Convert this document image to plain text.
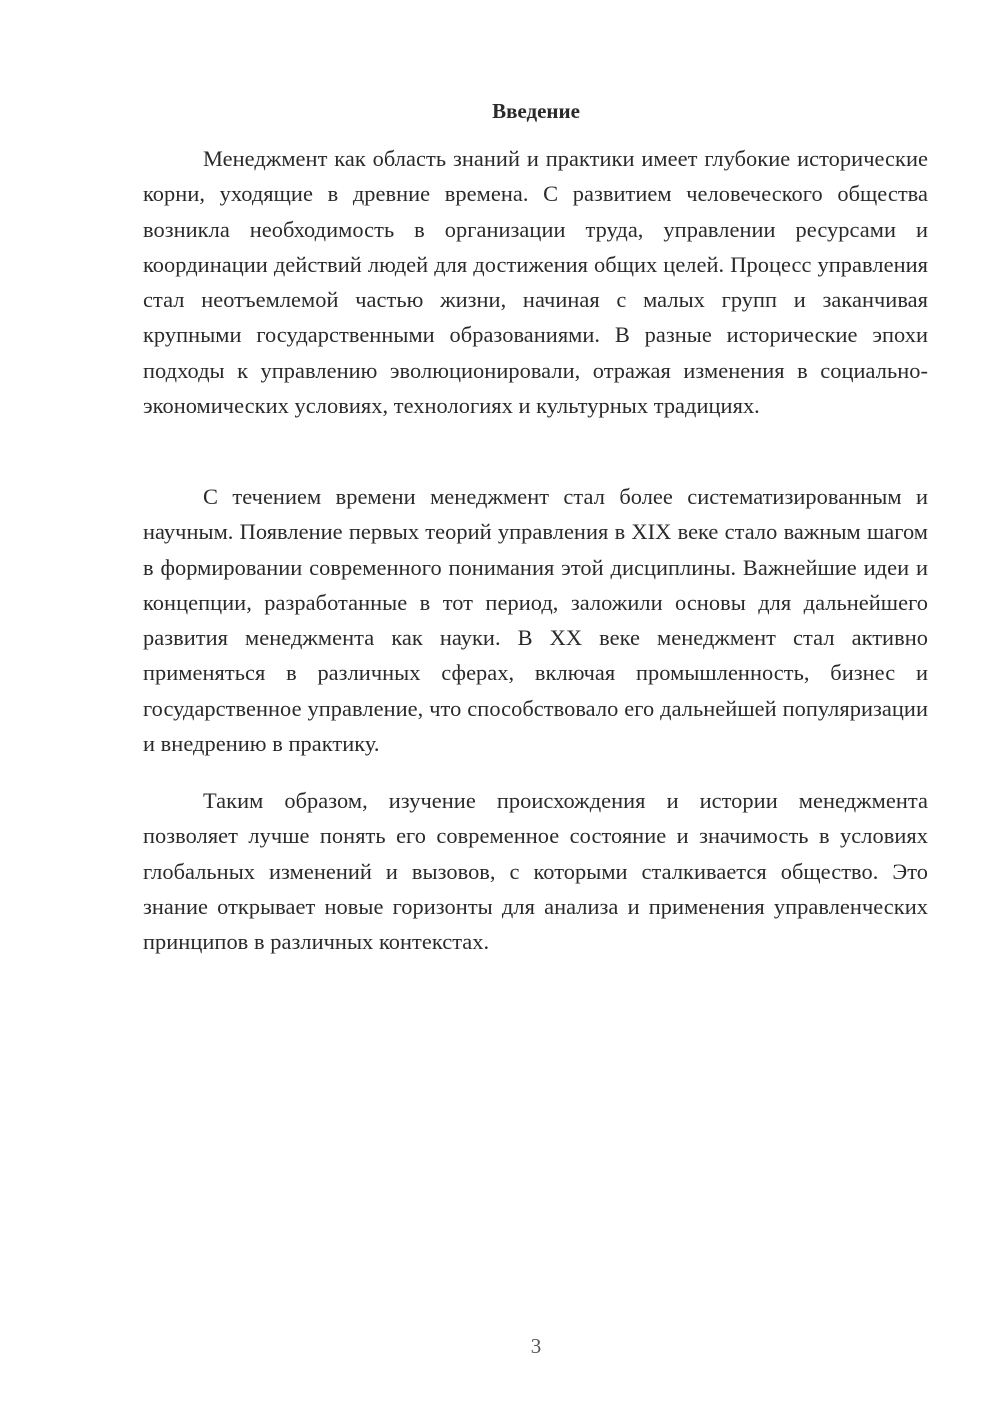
Введение

Менеджмент как область знаний и практики имеет глубокие исторические корни, уходящие в древние времена. С развитием человеческого общества возникла необходимость в организации труда, управлении ресурсами и координации действий людей для достижения общих целей. Процесс управления стал неотъемлемой частью жизни, начиная с малых групп и заканчивая крупными государственными образованиями. В разные исторические эпохи подходы к управлению эволюционировали, отражая изменения в социально-экономических условиях, технологиях и культурных традициях.

С течением времени менеджмент стал более систематизированным и научным. Появление первых теорий управления в XIX веке стало важным шагом в формировании современного понимания этой дисциплины. Важнейшие идеи и концепции, разработанные в тот период, заложили основы для дальнейшего развития менеджмента как науки. В XX веке менеджмент стал активно применяться в различных сферах, включая промышленность, бизнес и государственное управление, что способствовало его дальнейшей популяризации и внедрению в практику.

Таким образом, изучение происхождения и истории менеджмента позволяет лучше понять его современное состояние и значимость в условиях глобальных изменений и вызовов, с которыми сталкивается общество. Это знание открывает новые горизонты для анализа и применения управленческих принципов в различных контекстах.

3
